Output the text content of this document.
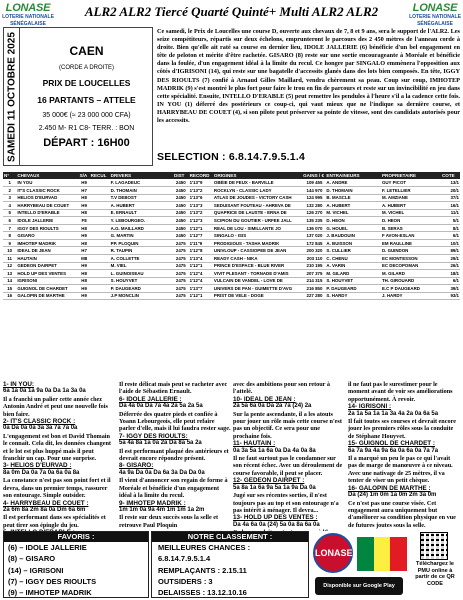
LONASE
LOTERIE NATIONALE SÉNÉGALAISE
ALR2 ALR2 Tiercé Quarté Quinté+ Multi ALR2 ALR2	LONASE
LOTERIE NATIONALE SÉNÉGALAISE
SAMEDI 11 OCTOBRE 2025	CAEN
(CORDE A DROITE)
PRIX DE LOUCELLES
16 PARTANTS – ATTELE
35 000€ (≈ 23 000 000 CFA)
2.450 M- R1 C8- TERR. : BON
DÉPART : 16H00
Ce samedi, le Prix de Loucelles une course D, ouverte aux chevaux de 7, 8 et 9 ans, sera le support de l'ALR2. Les seize compétiteurs, répartis sur deux échelons, emprunteront le parcours des 2 450 mètres de l'anneau corde à droite. Bien qu'elle ait raté sa course en dernier lieu, IDOLE JALLERIE (6) bénéficie d'un bel engagement en tête de peloton et mérite d'être rachetée. GISARO (8) reste sur une sortie encourageante à Moréale et bénéficie dans la foulée, d'un engagement idéal à la limite du recul. Ce hongre par SINGALO emmènera l'opposition aux côtés d'IGRISONI (14), qui reste sur une bagatelle d'accessits glanés dans des lots bien composés. En tête, IGGY DES RIOULTS (7) confié à Arnaud Gilles Maillard, vendra chèrement sa peau. Coup sur coup, IMHOTEP MADRIK (9) s'est montré le plus fort pour faire le trou en fin de parcours et reste sur un invincibilité en jeu dans cette spécialité. Ensuite, INTELLO D'ERABLE (5) peut remettre les pendules à l'heure s'il a la cadence cette fois. IN YOU (1) déferré des postérieurs ce coup-ci, qui vaut mieux que ne l'indique sa dernière course, et HARRYBEAU DE COUET (4), si son pilote peut préserver sa pointe de vitesse, sont des candidats autorisés pour les accessits.
SELECTION : 6.8.14.7.9.5.1.4
N°	CHEVAUX	S/A	RECUL	DRIVERS	DIST	RECORD	ORIGINES	GAINS / €	ENTRAINEURS	PROPRIETAIRE	COTE
1	IN YOU	H9		F. LAGADEUC	2450	1'13"9	OBÉIE DE FEUX - BARVILLE	109 455	A. ANDRE	GUY PICOT	13/1
2	IT'S CLASSIC ROCK	H7		D. THOMAIN	2450	1'13"2	ROCKLYN - CLASSIC LADY	144 970	D. THOMAIN	F. LETELLIER	20/1
3	HELIOS D'EURVAD	H8		T.V DEBOST	2450	1'13"6	ATLAS DE JOUDES - VICTORY CASH	124 995	B. MASCLE	M. AMZIANE	37/1
4	HARRYBEAU DE COUET	H9		A. HUBERT	2450	1'13"3	SEDUISANT FOUTEAU - AHREVA DE	132 280	A. HUBERT	A. HUBERT	16/1
5	INTELLO D'ERABLE	H8		E. ERNAULT	2450	1'13"2	QUAPRICE DE LAUSTE - ERNA DE	126 270	M. VICHEL	M. VICHEL	11/1
6	IDOLE JALLERIE	F8		Y. LEBOURGEO.	2450	1'12"3	SCIPION DU GOUTIER - URFEE JALL	135 235	D. HEON	D. HEON	5/1
7	IGGY DES RIOULTS	H8		A.G. MAILLARD	2450	1'12"1	REAL DE LOU - SIMILLANTE JO	136 070	G. HOUEL	B. SERAS	8/1
8	GISARO	H9		G. MARTIN	2450	1'12"7	SINGALO - ISIS	137 020	J. BAUDOUIN	F AVON-ESLAN	6/1
9	IMHOTEP MADRIK	H8		PP. PLOQUIN	2475	1'11"9	PRODIGIOUS - TASHA MADRIK	172 845	A. BUISSON	EM RAULLINE	10/1
10	IDEAL DE JEAN	H7		R. TAUPIN	2475	1'12"8	UNIVLOUP - CASSIOPEE DE JEAN	200 320	S. CULLIER	D. GUINDON	89/1
11	HAUTAIN	M8		A. COLLETTE	2475	1'13"4	READY CASH - NIKA	203 110	C. CHENU	EC MONTESSON	29/1
12	GEDEON DAIRPET	H9		M. VIEL	2475	1'12"1	PRINCE D'ESPACE - BLUE RIVER	210 195	A. VARIN	EC DECOPOMAN	26/1
13	HOLD UP DES VENTES	H8		L. GUINOISEAU	2475	1'12"4	VIVIT PLESANT - TORNADE D'AMIS	207 375	M. GILARD	M. GILARD	18/1
14	IGRISONI	H8		S. HOUYVET	2475	1'12"4	VULCAIN DE VANDEL - LOVE DE	214 315	S. HOUYVET	TH. GIROUARD	6/1
15	GUIGNOL DE CHARDET	H9		P. DAUGEARD	2475	1'13"7	UNIVERS DE PAN - GUIMETTE D'AVG	216 850	P. DAUGEARD	E.C P DAUGEARD	39/1
16	GALOPIN DE MARTHE	H9		J.P MONCLIN	2475	1'12"1	PRIST DE VELE - DOGE	227 280	S. HARDY	J. HARDY	93/1
1- IN YOU:
6a 1a 0a 1a 9a 0a Da 1a 3a 0a
Il a franchi un palier cette année chez Antonin André et peut une nouvelle fois bien faire.
2- IT'S CLASSIC ROCK :
0a Da 0a 0a 3a 3a 7a 7a 0a
L'engagement est bon et David Thomain le connaît. Cela dit, les données changent et le lot est plus huppé mais il peut franchir un cap. Pour une surprise.
3- HELIOS D'EURVAD :
8a 0m Da 0a 7a 0a 6a 0a 8a
La constance n'est pas son point fort et il devra, dans un premier temps, rassurer son entourage. Simple outsider.
4- HARRYBEAU DE COUET :
2a 6m 8a 2m 8a 0a Dm 6a 6m
Il est performant dans ses spécialités et peut tirer son épingle du jeu.
Il reste délicat mais peut se racheter avec l'aide de Sébastien Ernault.
6- IDOLE JALLERIE :
Da 4a 0a Da 7a 4a 2a 5a 2a 5a
Déferrée des quatre pieds et confiée à Yoann Lebourgeois, elle peut refaire parler d'elle, mais il lui faudra rester sage.
7- IGGY DES RIOULTS:
5a 4a 8a 1a 0a 2a Da 8a 5a 2a
Il est performant plaqué des antérieurs et devrait encore répondre présent.
8- GISARO:
4a 9a Da 0a Da 6a 3a Da Da 0a
Il vient d'annoncer son regain de forme à Moréale et bénéficie d'un engagement idéal à la limite du recul.
9- IMHOTEP MADRIK :
1m 1m 0a 9a 4m 1m 1m 1a 2m
Il reste sur deux succès sous la selle et retrouve Paul Ploquin
avec des ambitions pour son retour à l'attelé.
10- IDEAL DE JEAN :
2a 5a 6a 0a Da 2a 7a (24) 2a
Sur la pente ascendante, il a les atouts pour jouer un rôle mais cette course n'est pas un objectif. Ce sera pour une prochaine fois.
11- HAUTAIN :
0a 3a 5a 1a 6a 0a Da 4a 0a 8a
Il ne faut surtout pas le condamner sur son récent échec. Avec un déroulement de course favorable, il peut se placer.
12- GEDEON DAIRPET :
5a 8a 1a 6a 9a 5a 1a 9a Da 0a
Jugé sur ses récentes sorties, il n'est toujours pas au top et son entourage n'a pas intérêt à ménager. Il devra...
13- HOLD UP DES VENTES :
Da 4a 6a 0a (24) 5a 0a 8a 6a 0a
il ne faut pas le surestimer pour le moment avant de voir ses améliorations opportunément. À revoir.
14- IGRISONI :
2a 1a 5a 1a 1a 3a 4a 2a 0a 6a 5a
Il fait toutes ses courses et devrait encore jouer les premiers rôles sous la conduite de Stéphane Houyvet.
15- GUIGNOL DE CHARDET :
6a 7a 9a 4a 9a 6a 0a 6a 0a 7a 7a
Il a marqué un peu le pas ce qui l'avait pas de marge de manœuvre à ce niveau. Avec une nativage de 25 mètres, il va tenter de viser un petit chèque.
16- GALOPIN DE MARTHE :
Da (24) 1m 0m 1a 0m 2m 3a 0m
Ce n'est pas une course visée. Cet engagement aura uniquement but d'améliorer sa condition physique en vue de futures joutes sous la selle.
FAVORIS :
(6) – IDOLE JALLERIE
(8) – GISARO
(14) – IGRISONI
(7) – IGGY DES RIOULTS
(9) – IMHOTEP MADRIK
NOTRE CLASSEMENT :
MEILLEURES CHANCES :
6.8.14.7.9.5.1.4
REMPLAÇANTS : 2.15.11
OUTSIDERS : 3
DELAISSES : 13.12.10.16
LONASE
Disponible sur Google Play
Téléchargez le PMU online à partir de ce QR CODE
